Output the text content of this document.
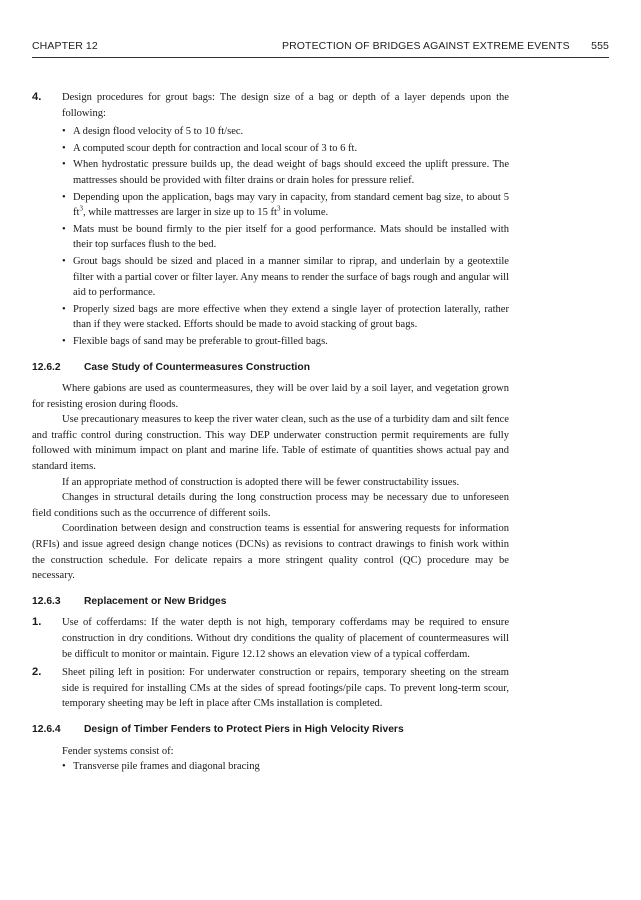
CHAPTER 12	PROTECTION OF BRIDGES AGAINST EXTREME EVENTS 555
4. Design procedures for grout bags: The design size of a bag or depth of a layer depends upon the following:
• A design flood velocity of 5 to 10 ft/sec.
• A computed scour depth for contraction and local scour of 3 to 6 ft.
• When hydrostatic pressure builds up, the dead weight of bags should exceed the uplift pressure. The mattresses should be provided with filter drains or drain holes for pressure relief.
• Depending upon the application, bags may vary in capacity, from standard cement bag size, to about 5 $ft^3$, while mattresses are larger in size up to 15 $ft^3$ in volume.
• Mats must be bound firmly to the pier itself for a good performance. Mats should be installed with their top surfaces flush to the bed.
• Grout bags should be sized and placed in a manner similar to riprap, and underlain by a geotextile filter with a partial cover or filter layer. Any means to render the surface of bags rough and angular will aid to performance.
• Properly sized bags are more effective when they extend a single layer of protection laterally, rather than if they were stacked. Efforts should be made to avoid stacking of grout bags.
• Flexible bags of sand may be preferable to grout-filled bags.
12.6.2 Case Study of Countermeasures Construction

Where gabions are used as countermeasures, they will be over laid by a soil layer, and vegetation grown for resisting erosion during floods.

Use precautionary measures to keep the river water clean, such as the use of a turbidity dam and silt fence and traffic control during construction. This way DEP underwater construction permit requirements are fully followed with minimum impact on plant and marine life. Table of estimate of quantities shows actual pay and standard items.

If an appropriate method of construction is adopted there will be fewer constructability issues.

Changes in structural details during the long construction process may be necessary due to unforeseen field conditions such as the occurrence of different soils.

Coordination between design and construction teams is essential for answering requests for information (RFIs) and issue agreed design change notices (DCNs) as revisions to contract drawings to finish work within the construction schedule. For delicate repairs a more stringent quality control (QC) procedure may be necessary.

12.6.3 Replacement or New Bridges
1. Use of cofferdams: If the water depth is not high, temporary cofferdams may be required to ensure construction in dry conditions. Without dry conditions the quality of placement of countermeasures will be difficult to monitor or maintain. Figure 12.12 shows an elevation view of a typical cofferdam.
2. Sheet piling left in position: For underwater construction or repairs, temporary sheeting on the stream side is required for installing CMs at the sides of spread footings/pile caps. To prevent long-term scour, temporary sheeting may be left in place after CMs installation is completed.
12.6.4 Design of Timber Fenders to Protect Piers in High Velocity Rivers

Fender systems consist of:

• Transverse pile frames and diagonal bracing
